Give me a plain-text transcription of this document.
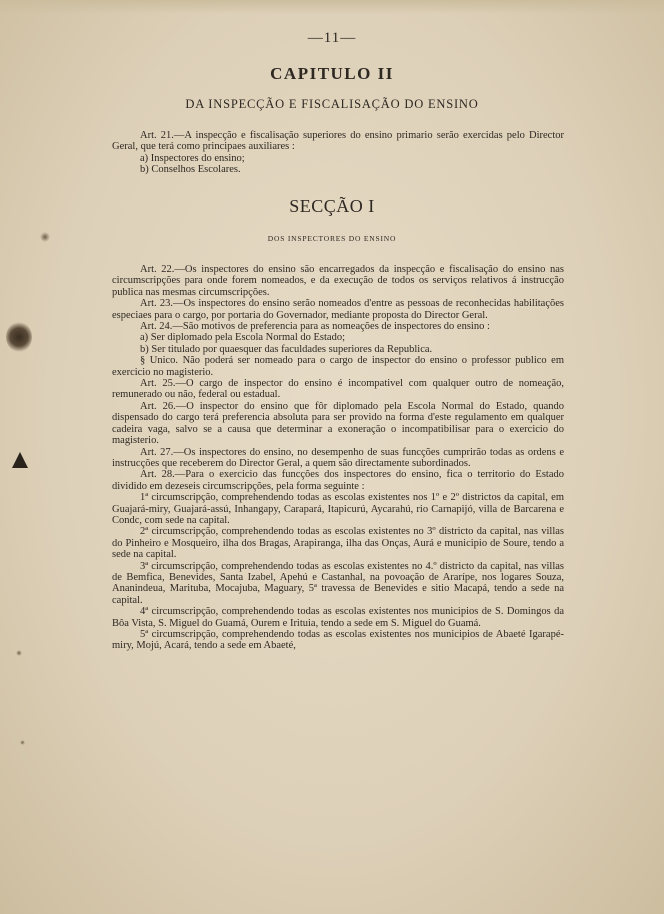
—11—
CAPITULO II
DA INSPECÇÃO E FISCALISAÇÃO DO ENSINO

Art. 21.—A inspecção e fiscalisação superiores do ensino primario serão exercidas pelo Director Geral, que terá como principaes auxiliares :

a) Inspectores do ensino;

b) Conselhos Escolares.

SECÇÃO I
DOS INSPECTORES DO ENSINO

Art. 22.—Os inspectores do ensino são encarregados da inspecção e fiscalisação do ensino nas circumscripções para onde forem nomeados, e da execução de todos os serviços relativos á instrucção publica nas mesmas circumscripções.

Art. 23.—Os inspectores do ensino serão nomeados d'entre as pessoas de reconhecidas habilitações especiaes para o cargo, por portaria do Governador, mediante proposta do Director Geral.

Art. 24.—São motivos de preferencia para as nomeações de inspectores do ensino :

a) Ser diplomado pela Escola Normal do Estado;

b) Ser titulado por quaesquer das faculdades superiores da Republica.

§ Unico. Não poderá ser nomeado para o cargo de inspector do ensino o professor publico em exercicio no magisterio.

Art. 25.—O cargo de inspector do ensino é incompativel com qualquer outro de nomeação, remunerado ou não, federal ou estadual.

Art. 26.—O inspector do ensino que fôr diplomado pela Escola Normal do Estado, quando dispensado do cargo terá preferencia absoluta para ser provido na forma d'este regulamento em qualquer cadeira vaga, salvo se a causa que determinar a exoneração o incompatibilisar para o exercicio do magisterio.

Art. 27.—Os inspectores do ensino, no desempenho de suas funcções cumprirão todas as ordens e instrucções que receberem do Director Geral, a quem são directamente subordinados.

Art. 28.—Para o exercicio das funcções dos inspectores do ensino, fica o territorio do Estado dividido em dezeseis circumscripções, pela forma seguinte :

1ª circumscripção, comprehendendo todas as escolas existentes nos 1º e 2º districtos da capital, em Guajará-miry, Guajará-assú, Inhangapy, Carapará, Itapicurú, Aycarahú, rio Carnapijó, villa de Barcarena e Condc, com sede na capital.

2ª circumscripção, comprehendendo todas as escolas existentes no 3º districto da capital, nas villas do Pinheiro e Mosqueiro, ilha dos Bragas, Arapiranga, ilha das Onças, Aurá e municipio de Soure, tendo a sede na capital.

3ª circumscripção, comprehendendo todas as escolas existentes no 4.º districto da capital, nas villas de Bemfica, Benevides, Santa Izabel, Apehú e Castanhal, na povoação de Ararípe, nos logares Souza, Ananindeua, Marituba, Mocajuba, Maguary, 5ª travessa de Benevides e sitio Macapá, tendo a sede na capital.

4ª circumscripção, comprehendendo todas as escolas existentes nos municipios de S. Domingos da Bôa Vista, S. Miguel do Guamá, Ourem e Irituia, tendo a sede em S. Miguel do Guamá.

5ª circumscripção, comprehendendo todas as escolas existentes nos municipios de Abaeté Igarapé-miry, Mojú, Acará, tendo a sede em Abaeté,
